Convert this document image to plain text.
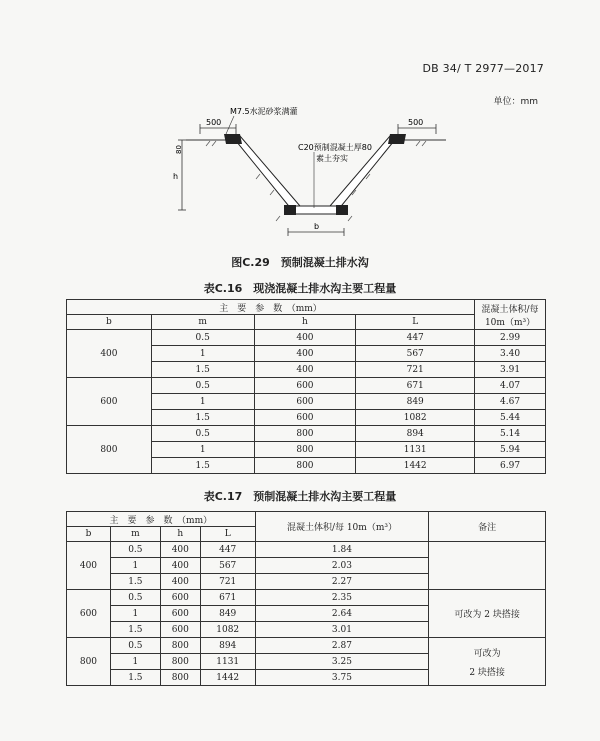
DB 34/ T 2977—2017
单位：mm
500	500
h
80
b
M7.5水泥砂浆满灌
C20预制混凝土厚80
素土夯实
图C.29　预制混凝土排水沟
表C.16　现浇混凝土排水沟主要工程量
主　要　参　数　（mm）				混凝土体积/每 10m（m³）
b	m	h	L	
400	0.5	400	447	2.99
	1	400	567	3.40
	1.5	400	721	3.91
600	0.5	600	671	4.07
	1	600	849	4.67
	1.5	600	1082	5.44
800	0.5	800	894	5.14
	1	800	1131	5.94
	1.5	800	1442	6.97
表C.17　预制混凝土排水沟主要工程量
主　要　参　数　（mm）				混凝土体积/每 10m（m³）	备注
b	m	h	L		
400	0.5	400	447	1.84	
	1	400	567	2.03	
	1.5	400	721	2.27	
600	0.5	600	671	2.35	可改为 2 块搭接
	1	600	849	2.64	
	1.5	600	1082	3.01	
800	0.5	800	894	2.87	可改为
2 块搭接

	1	800	1131	3.25	
	1.5	800	1442	3.75	
